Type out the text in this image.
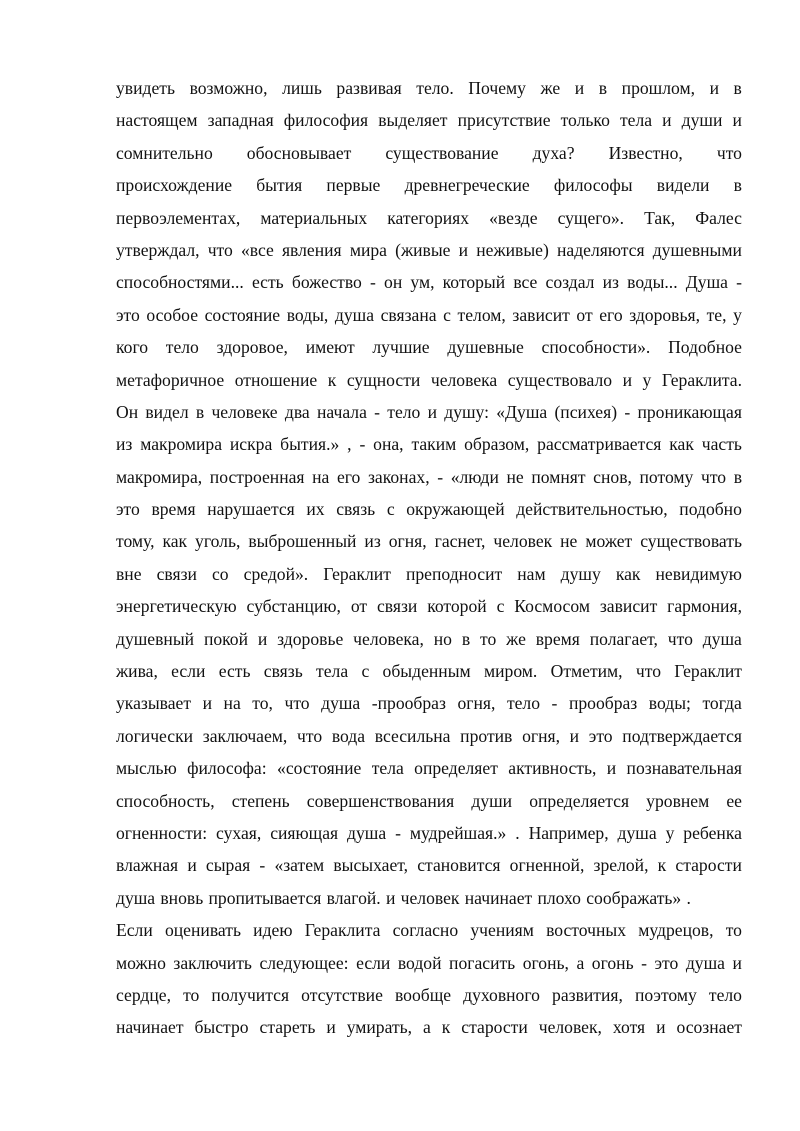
увидеть возможно, лишь развивая тело. Почему же и в прошлом, и в
настоящем западная философия выделяет присутствие только тела и души и
сомнительно обосновывает существование духа? Известно, что
происхождение бытия первые древнегреческие философы видели в
первоэлементах, материальных категориях «везде сущего». Так, Фалес
утверждал, что «все явления мира (живые и неживые) наделяются душевными
способностями... есть божество - он ум, который все создал из воды... Душа -
это особое состояние воды, душа связана с телом, зависит от его здоровья, те, у
кого тело здоровое, имеют лучшие душевные способности». Подобное
метафоричное отношение к сущности человека существовало и у Гераклита.
Он видел в человеке два начала - тело и душу: «Душа (психея) - проникающая
из макромира искра бытия.» , - она, таким образом, рассматривается как часть
макромира, построенная на его законах, - «люди не помнят снов, потому что в
это время нарушается их связь с окружающей действительностью, подобно
тому, как уголь, выброшенный из огня, гаснет, человек не может существовать
вне связи со средой». Гераклит преподносит нам душу как невидимую
энергетическую субстанцию, от связи которой с Космосом зависит гармония,
душевный покой и здоровье человека, но в то же время полагает, что душа
жива, если есть связь тела с обыденным миром. Отметим, что Гераклит
указывает и на то, что душа -прообраз огня, тело - прообраз воды; тогда
логически заключаем, что вода всесильна против огня, и это подтверждается
мыслью философа: «состояние тела определяет активность, и познавательная
способность, степень совершенствования души определяется уровнем ее
огненности: сухая, сияющая душа - мудрейшая.» . Например, душа у ребенка
влажная и сырая - «затем высыхает, становится огненной, зрелой, к старости
душа вновь пропитывается влагой. и человек начинает плохо соображать» .
Если оценивать идею Гераклита согласно учениям восточных мудрецов, то
можно заключить следующее: если водой погасить огонь, а огонь - это душа и
сердце, то получится отсутствие вообще духовного развития, поэтому тело
начинает быстро стареть и умирать, а к старости человек, хотя и осознает
